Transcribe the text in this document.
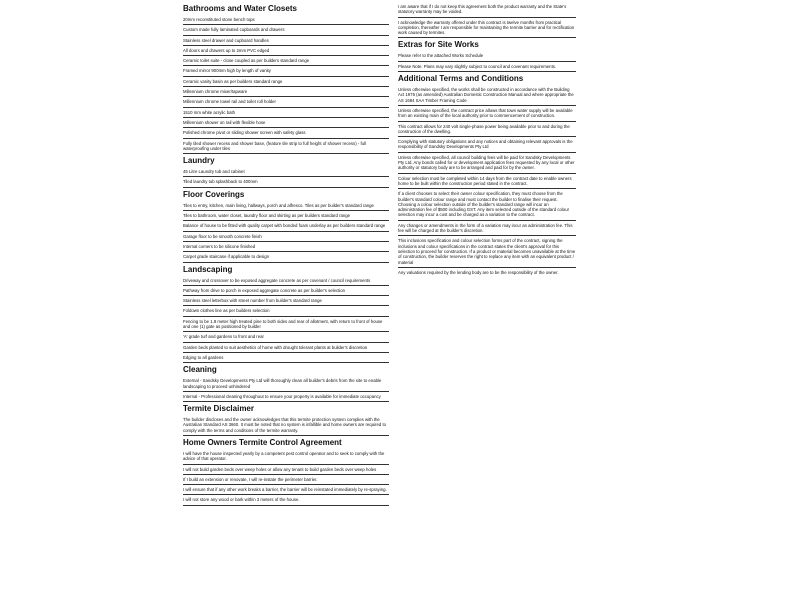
Bathrooms and Water Closets

20mm reconstituted stone bench tops

Custom made fully laminated cupboards and drawers

Stainless steel drawer and cupboard handles

All doors and drawers up to 2mm PVC edged

Ceramic toilet suite - close coupled as per builders standard range

Framed mirror 900mm high by length of vanity

Ceramic vanity basin as per builders standard range

Millennium chrome mixer/tapware

Millennium chrome towel rail and toilet roll holder

1510 mm white acrylic bath

Millennium shower on rail with flexible hose

Polished chrome pivot or sliding shower screen with safety glass

Fully tiled shower recess and shower base, (feature tile strip to full height of shower recess) - full waterproofing under tiles

Laundry

45 Litre Laundry tub and cabinet

Tiled laundry tub splashback to 400mm

Floor Coverings

Tiles to entry, kitchen, main living, hallways, porch and alfresco. Tiles as per builder's standard range

Tiles to bathroom, water closet, laundry floor and skirting as per builders standard range

Balance of house to be fitted with quality carpet with bonded foam underlay as per builders standard range

Garage floor to be smooth concrete finish

Internal corners to be silicone finished

Carpet grade staircase if applicable to design

Landscaping

Driveway and crossover to be exposed aggregate concrete as per covenant / council requirements

Pathway from drive to porch in exposed aggregate concrete as per builder's selection

Stainless steel letterbox with street number from builder's standard range

Foldown clothes line as per builders selection

Fencing to be 1.8 meter high treated pine to both sides and rear of allotment, with return to front of house and one (1) gate as positioned by builder

'A' grade turf and gardens to front and rear

Garden beds planted to suit aesthetics of home with drought tolerant plants at builder's discretion

Edging to all gardens

Cleaning

External - Sandsky Developments Pty Ltd will thoroughly clean all builder's debris from the site to enable landscaping to proceed unhindered

Internal - Professional cleaning throughout to ensure your property is available for immediate occupancy

Termite Disclaimer

The builder discloses and the owner acknowledges that this termite protection system complies with the Australian Standard AS 3660. It must be noted that no system is infallible and home owners are required to comply with the terms and conditions of the termite warranty.

Home Owners Termite Control Agreement

I will have the house inspected yearly by a competent pest control operator and to seek to comply with the advice of that operator.

I will not build garden beds over weep holes or allow any tenant to build garden beds over weep holes

If I build an extension or renovate, I will re-instate the perimeter barrier.

I will ensure that if any other work breaks a barrier, the barrier will be reinstated immediately by re-spraying.

I will not store any wood or bark within 3 meters of the house.

I am aware that if I do not keep this agreement both the product warranty and the State's statutory warranty may be voided.

I acknowledge the warranty offered under this contract is twelve months from practical completion, thereafter I am responsible for maintaining the termite barrier and for rectification work caused by termites.

Extras for Site Works

Please refer to the attached Works Schedule

Please Note: Plans may vary slightly subject to council and covenant requirements.

Additional Terms and Conditions

Unless otherwise specified, the works shall be constructed in accordance with the Building Act 1975 (as amended) Australian Domestic Construction Manual and where appropriate the AS 1684 SAA Timber Framing Code

Unless otherwise specified, the contract price allows that town water supply will be available from an existing main of the local authority prior to commencement of construction.

This contract allows for 240 volt single-phase power being available prior to and during the construction of the dwelling.

Complying with statutory obligations and any notices and obtaining relevant approvals is the responsibility of Sandsky Developments Pty Ltd

Unless otherwise specified, all council building fees will be paid for Sandsky Developments Pty Ltd. Any bonds called for or development application fees requested by any local or other authority or statutory body are to be arranged and paid for by the owner.

Colour selection must be completed within 14 days from the contract date to enable owners home to be built within the construction period stated in the contract.

If a client chooses to select their owner colour specification, they must choose from the builder's standard colour range and must contact the builder to finalise their request. Choosing a colour selection outside of the builder's standard range will incur an administration fee of $500 including GST. Any item selected outside of the standard colour selection may incur a cost and be charged as a variation to the contract.

Any changes or amendments in the form of a variation may incur an administration fee. This fee will be charged at the builder's discretion.

This inclusions specification and colour selection forms part of the contract, signing the inclusions and colour specifications in the contract states the client's approval for this selection to proceed for construction. If a product or material becomes unavailable at the time of construction, the builder reserves the right to replace any item with an equivalent product / material

Any valuations required by the lending body are to be the responsibility of the owner.
